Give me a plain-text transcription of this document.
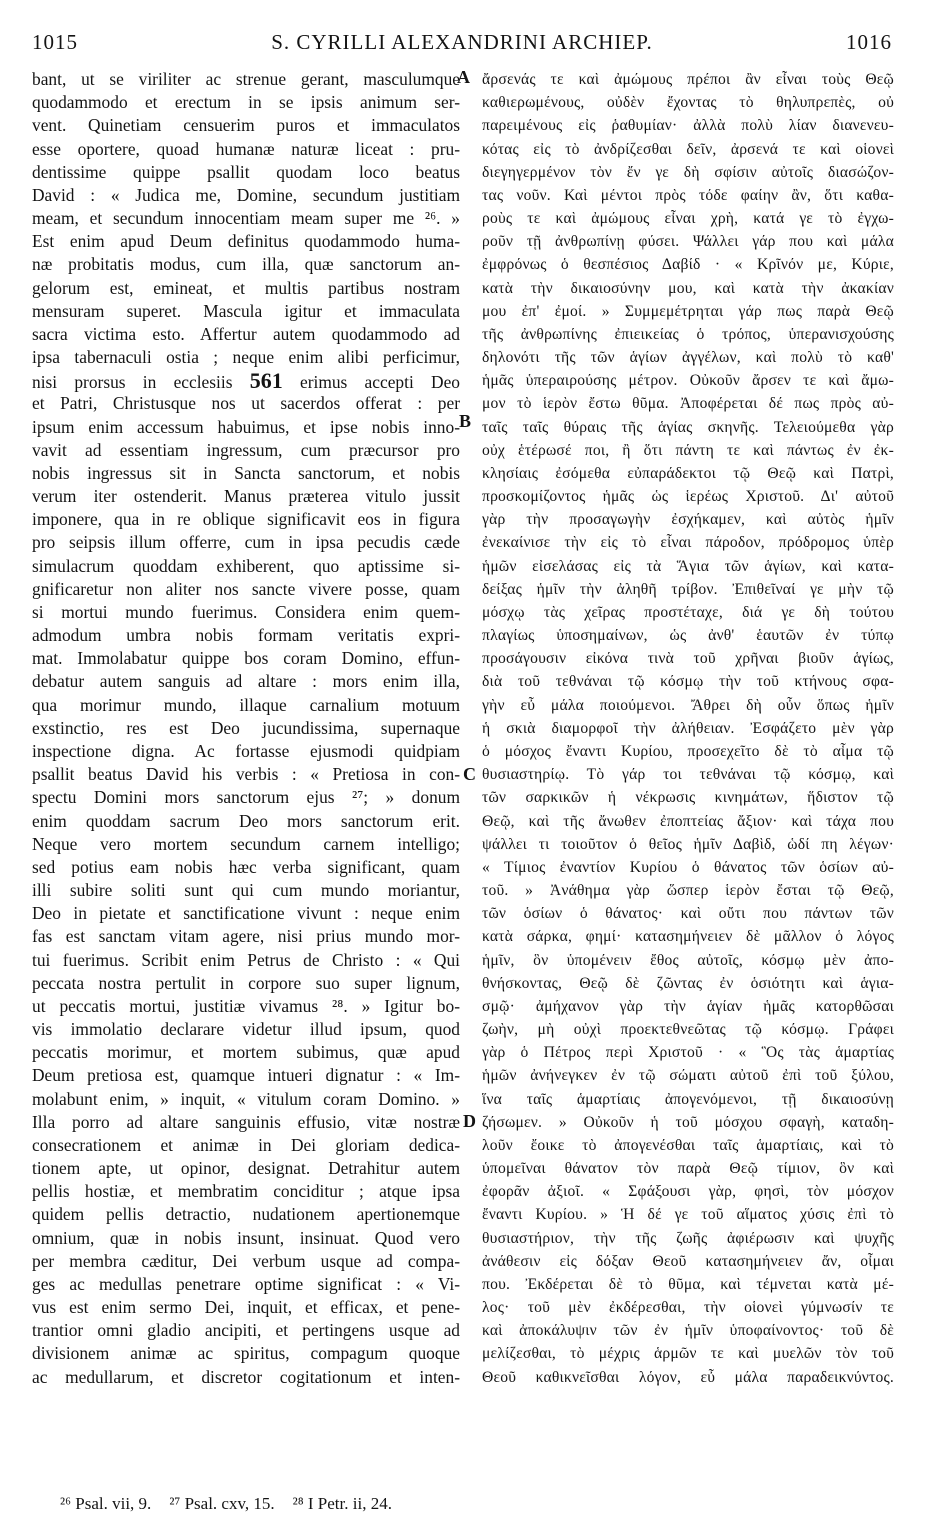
1015	S. CYRILLI ALEXANDRINI ARCHIEP.	1016
bant, ut se viriliter ac strenue gerant, masculumque
quodammodo et erectum in se ipsis animum ser-
vent. Quinetiam censuerim puros et immaculatos
esse oportere, quoad humanæ naturæ liceat : pru-
dentissime quippe psallit quodam loco beatus
David : « Judica me, Domine, secundum justitiam
meam, et secundum innocentiam meam super me ²⁶. »
Est enim apud Deum definitus quodammodo huma-
næ probitatis modus, cum illa, quæ sanctorum an-
gelorum est, emineat, et multis partibus nostram
mensuram superet. Mascula igitur et immaculata
sacra victima esto. Affertur autem quodammodo ad
ipsa tabernaculi ostia ; neque enim alibi perficimur,
nisi prorsus in ecclesiis 561 erimus accepti Deo
et Patri, Christusque nos ut sacerdos offerat : per
ipsum enim accessum habuimus, et ipse nobis inno-
vavit ad essentiam ingressum, cum præcursor pro
nobis ingressus sit in Sancta sanctorum, et nobis
verum iter ostenderit. Manus præterea vitulo jussit
imponere, qua in re oblique significavit eos in figura
pro seipsis illum offerre, cum in ipsa pecudis cæde
simulacrum quoddam exhiberent, quo aptissime si-
gnificaretur non aliter nos sancte vivere posse, quam
si mortui mundo fuerimus. Considera enim quem-
admodum umbra nobis formam veritatis expri-
mat. Immolabatur quippe bos coram Domino, effun-
debatur autem sanguis ad altare : mors enim illa,
qua morimur mundo, illaque carnalium motuum
exstinctio, res est Deo jucundissima, supernaque
inspectione digna. Ac fortasse ejusmodi quidpiam
psallit beatus David his verbis : « Pretiosa in con-
spectu Domini mors sanctorum ejus ²⁷; » donum
enim quoddam sacrum Deo mors sanctorum erit.
Neque vero mortem secundum carnem intelligo;
sed potius eam nobis hæc verba significant, quam
illi subire soliti sunt qui cum mundo moriantur,
Deo in pietate et sanctificatione vivunt : neque enim
fas est sanctam vitam agere, nisi prius mundo mor-
tui fuerimus. Scribit enim Petrus de Christo : « Qui
peccata nostra pertulit in corpore suo super lignum,
ut peccatis mortui, justitiæ vivamus ²⁸. » Igitur bo-
vis immolatio declarare videtur illud ipsum, quod
peccatis morimur, et mortem subimus, quæ apud
Deum pretiosa est, quamque intueri dignatur : « Im-
molabunt enim, » inquit, « vitulum coram Domino. »
Illa porro ad altare sanguinis effusio, vitæ nostræ
consecrationem et animæ in Dei gloriam dedica-
tionem apte, ut opinor, designat. Detrahitur autem
pellis hostiæ, et membratim conciditur ; atque ipsa
quidem pellis detractio, nudationem apertionemque
omnium, quæ in nobis insunt, insinuat. Quod vero
per membra cæditur, Dei verbum usque ad compa-
ges ac medullas penetrare optime significat : « Vi-
vus est enim sermo Dei, inquit, et efficax, et pene-
trantior omni gladio ancipiti, et pertingens usque ad
divisionem animæ ac spiritus, compagum quoque
ac medullarum, et discretor cogitationum et inten-
ἄρσενάς τε καὶ ἀμώμους πρέποι ἂν εἶναι τοὺς Θεῷ
καθιερωμένους, οὐδὲν ἔχοντας τὸ θηλυπρεπὲς, οὐ
παρειμένους εἰς ῥαθυμίαν· ἀλλὰ πολὺ λίαν διανενευ-
κότας εἰς τὸ ἀνδρίζεσθαι δεῖν, ἀρσενά τε καὶ οἱονεὶ
διεγηγερμένον τὸν ἔν γε δὴ σφίσιν αὐτοῖς διασώζον-
τας νοῦν. Καὶ μέντοι πρὸς τόδε φαίην ἂν, ὅτι καθα-
ροὺς τε καὶ ἀμώμους εἶναι χρὴ, κατά γε τὸ ἐγχω-
ροῦν τῇ ἀνθρωπίνῃ φύσει. Ψάλλει γάρ που καὶ μάλα
ἐμφρόνως ὁ θεσπέσιος Δαβίδ · « Κρῖνόν με, Κύριε,
κατὰ τὴν δικαιοσύνην μου, καὶ κατὰ τὴν ἀκακίαν
μου ἐπ' ἐμοί. » Συμμεμέτρηται γάρ πως παρὰ Θεῷ
τῆς ἀνθρωπίνης ἐπιεικείας ὁ τρόπος, ὑπερανισχούσης
δηλονότι τῆς τῶν ἁγίων ἀγγέλων, καὶ πολὺ τὸ καθ'
ἡμᾶς ὑπεραιρούσης μέτρον. Οὐκοῦν ἄρσεν τε καὶ ἄμω-
μον τὸ ἱερὸν ἔστω θῦμα. Ἀποφέρεται δέ πως πρὸς αὐ-
ταῖς ταῖς θύραις τῆς ἁγίας σκηνῆς. Τελειούμεθα γὰρ
οὐχ ἑτέρωσέ ποι, ἢ ὅτι πάντη τε καὶ πάντως ἐν ἐκ-
κλησίαις ἐσόμεθα εὐπαράδεκτοι τῷ Θεῷ καὶ Πατρὶ,
προσκομίζοντος ἡμᾶς ὡς ἱερέως Χριστοῦ. Δι' αὐτοῦ
γὰρ τὴν προσαγωγὴν ἐσχήκαμεν, καὶ αὐτὸς ἡμῖν
ἐνεκαίνισε τὴν εἰς τὸ εἶναι πάροδον, πρόδρομος ὑπὲρ
ἡμῶν εἰσελάσας εἰς τὰ Ἅγια τῶν ἁγίων, καὶ κατα-
δείξας ἡμῖν τὴν ἀληθῆ τρίβον. Ἐπιθεῖναί γε μὴν τῷ
μόσχῳ τὰς χεῖρας προστέταχε, διά γε δὴ τούτου
πλαγίως ὑποσημαίνων, ὡς ἀνθ' ἑαυτῶν ἐν τύπῳ
προσάγουσιν εἰκόνα τινὰ τοῦ χρῆναι βιοῦν ἁγίως,
διὰ τοῦ τεθνάναι τῷ κόσμῳ τὴν τοῦ κτήνους σφα-
γὴν εὖ μάλα ποιούμενοι. Ἄθρει δὴ οὖν ὅπως ἡμῖν
ἡ σκιὰ διαμορφοῖ τὴν ἀλήθειαν. Ἐσφάζετο μὲν γὰρ
ὁ μόσχος ἔναντι Κυρίου, προσεχεῖτο δὲ τὸ αἷμα τῷ
θυσιαστηρίῳ. Τὸ γάρ τοι τεθνάναι τῷ κόσμῳ, καὶ
τῶν σαρκικῶν ἡ νέκρωσις κινημάτων, ἥδιστον τῷ
Θεῷ, καὶ τῆς ἄνωθεν ἐποπτείας ἄξιον· καὶ τάχα που
ψάλλει τι τοιοῦτον ὁ θεῖος ἡμῖν Δαβὶδ, ὡδί πη λέγων·
« Τίμιος ἐναντίον Κυρίου ὁ θάνατος τῶν ὁσίων αὐ-
τοῦ. » Ἀνάθημα γὰρ ὥσπερ ἱερὸν ἔσται τῷ Θεῷ,
τῶν ὁσίων ὁ θάνατος· καὶ οὔτι που πάντων τῶν
κατὰ σάρκα, φημί· κατασημήνειεν δὲ μᾶλλον ὁ λόγος
ἡμῖν, ὃν ὑπομένειν ἔθος αὐτοῖς, κόσμῳ μὲν ἀπο-
θνήσκοντας, Θεῷ δὲ ζῶντας ἐν ὁσιότητι καὶ ἁγια-
σμῷ· ἀμήχανον γὰρ τὴν ἁγίαν ἡμᾶς κατορθῶσαι
ζωὴν, μὴ οὐχὶ προεκτεθνεῶτας τῷ κόσμῳ. Γράφει
γὰρ ὁ Πέτρος περὶ Χριστοῦ · « Ὃς τὰς ἁμαρτίας
ἡμῶν ἀνήνεγκεν ἐν τῷ σώματι αὐτοῦ ἐπὶ τοῦ ξύλου,
ἵνα ταῖς ἁμαρτίαις ἀπογενόμενοι, τῇ δικαιοσύνῃ
ζήσωμεν. » Οὐκοῦν ἡ τοῦ μόσχου σφαγὴ, καταδη-
λοῦν ἔοικε τὸ ἀπογενέσθαι ταῖς ἁμαρτίαις, καὶ τὸ
ὑπομεῖναι θάνατον τὸν παρὰ Θεῷ τίμιον, ὃν καὶ
ἐφορᾶν ἀξιοῖ. « Σφάξουσι γὰρ, φησὶ, τὸν μόσχον
ἔναντι Κυρίου. » Ἡ δέ γε τοῦ αἵματος χύσις ἐπὶ τὸ
θυσιαστήριον, τὴν τῆς ζωῆς ἀφιέρωσιν καὶ ψυχῆς
ἀνάθεσιν εἰς δόξαν Θεοῦ κατασημήνειεν ἄν, οἶμαι
που. Ἐκδέρεται δὲ τὸ θῦμα, καὶ τέμνεται κατὰ μέ-
λος· τοῦ μὲν ἐκδέρεσθαι, τὴν οἱονεὶ γύμνωσίν τε
καὶ ἀποκάλυψιν τῶν ἐν ἡμῖν ὑποφαίνοντος· τοῦ δὲ
μελίζεσθαι, τὸ μέχρις ἁρμῶν τε καὶ μυελῶν τὸν τοῦ
Θεοῦ καθικνεῖσθαι λόγον, εὖ μάλα παραδεικνύντος.
A
B
C
D
²⁶ Psal. vii, 9. ²⁷ Psal. cxv, 15. ²⁸ I Petr. ii, 24.
